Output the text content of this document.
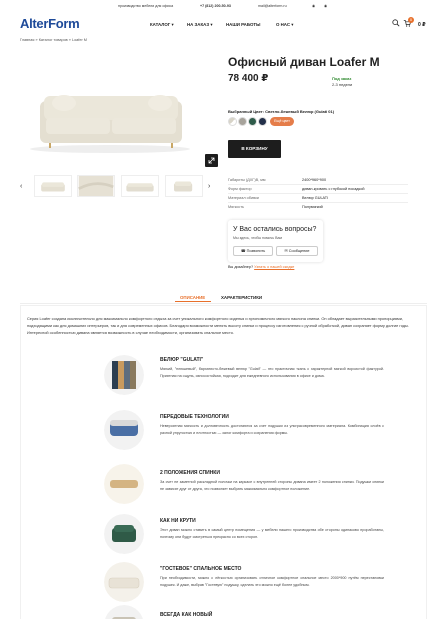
производство мебели для офиса	+7 (812) 200-50-93	mail@alterform.ru	◉ ◉
AlterForm	КАТАЛОГ ▾	НА ЗАКАЗ ▾	НАШИ РАБОТЫ	О НАС ▾
0
0 ₽
Главная » Каталог товаров » Loafer M
‹	›
Офисный диван Loafer M
78 400 ₽	Под заказ
2-3 недели
Выбранный Цвет: Светло-бежевый Велюр (Gulati 01)
Ещё цвет
В КОРЗИНУ
Габариты (ДХГ)В, мм	2400*960*900
Форм фактор	диван-кровать с глубокой посадкой
Материал обивки	Велюр GULATI
Мягкость	Полумягкий
У Вас остались вопросы?
Мы здесь, чтобы помочь Вам
☎ Позвонить	✉ Сообщение
Вы дизайнер? Узнать о нашей скидке
ОПИСАНИЕ	ХАРАКТЕРИСТИКИ
Серия Loafer создана исключительно для максимально комфортного отдыха за счет уникального комфортного сиденья и эргономичного мягкого наклона спинки. Он обладает выразительными пропорциями, подходящими как для домашних интерьеров, так и для современных офисов. Благодаря возможности менять высоту спинки и процессу изготовления с ручной обработкой, диван сохраняет форму долгие годы. Интересной особенностью дивана является возможность в случае необходимости, организовать спальное место.
ВЕЛЮР "GULATI"
Мягкий, "плюшевый", бархатисто-бежевый велюр "Gulati" — это практичная ткань с характерной мягкой ворсистой фактурой. Приятная на ощупь, износостойкая, подходит для ежедневного использования в офисе и дома.
ПЕРЕДОВЫЕ ТЕХНОЛОГИИ
Невероятная мягкость и долговечность достигаются за счет подушки из ультрасовременного материала. Комбинация слоёв с разной упругостью и плотностью — залог комфорта и сохранения формы.
2 ПОЛОЖЕНИЯ СПИНКИ
За счет не заметной раскладной полочки на каркасе с внутренней стороны дивана имеет 2 положения спинки. Подушки спинки не зависят друг от друга, что позволяет выбрать максимально комфортное положение.
КАК НИ КРУТИ
Этот диван можно ставить в самый центр помещения — у мебели нашего производства обе стороны одинаково проработаны, поэтому они будут смотреться прекрасно со всех сторон.
"ГОСТЕВОЕ" СПАЛЬНОЕ МЕСТО
При необходимости, можно с лёгкостью организовать отличное комфортное спальное место 2000*900 путём перестановки подушек. И даже, выбрав "Гостевую" подушку, сделать это можно ещё более удобным.
ВСЕГДА КАК НОВЫЙ
